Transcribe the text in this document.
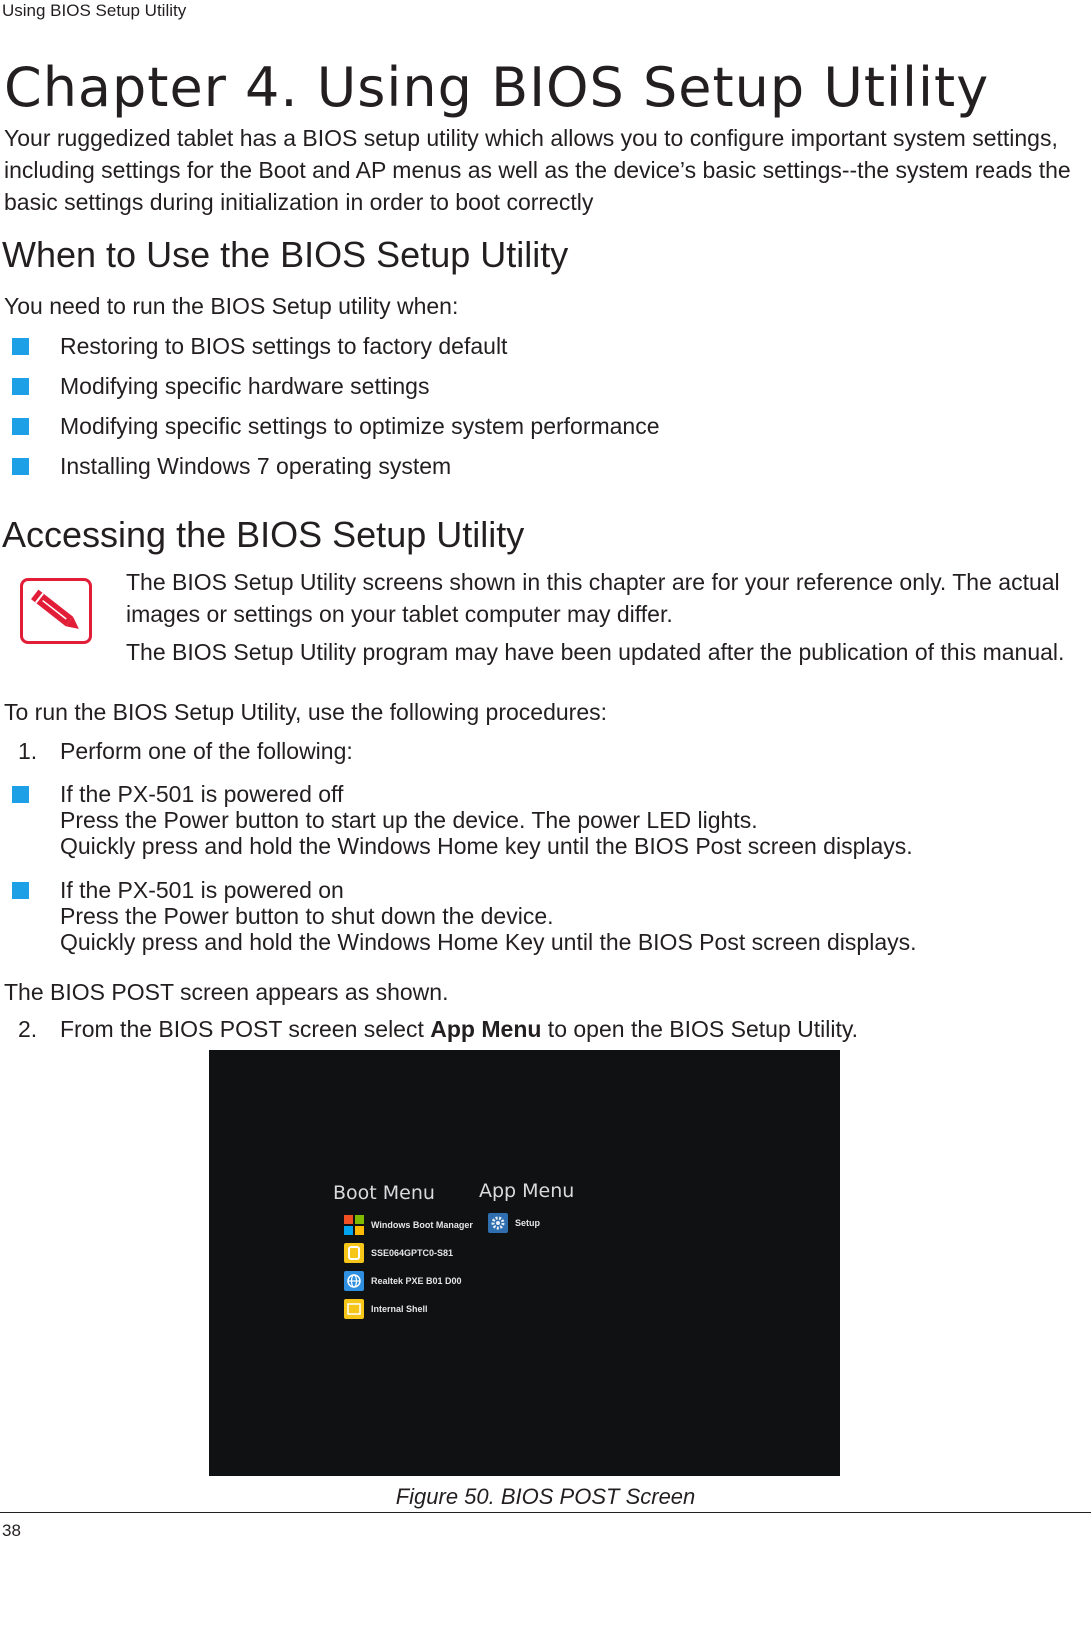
Using BIOS Setup Utility
Chapter 4. Using BIOS Setup Utility
Your ruggedized tablet has a BIOS setup utility which allows you to configure important system settings, including settings for the Boot and AP menus as well as the device’s basic settings--the system reads the basic settings during initialization in order to boot correctly
When to Use the BIOS Setup Utility
You need to run the BIOS Setup utility when:
Restoring to BIOS settings to factory default
Modifying specific hardware settings
Modifying specific settings to optimize system performance
Installing Windows 7 operating system
Accessing the BIOS Setup Utility

The BIOS Setup Utility screens shown in this chapter are for your reference only. The actual images or settings on your tablet computer may differ.

The BIOS Setup Utility program may have been updated after the publication of this manual.

To run the BIOS Setup Utility, use the following procedures:
1. Perform one of the following:
If the PX-501 is powered off
Press the Power button to start up the device. The power LED lights.
Quickly press and hold the Windows Home key until the BIOS Post screen displays.
If the PX-501 is powered on
Press the Power button to shut down the device.
Quickly press and hold the Windows Home Key until the BIOS Post screen displays.
The BIOS POST screen appears as shown.
2. From the BIOS POST screen select App Menu to open the BIOS Setup Utility.
Boot Menu App Menu
Windows Boot Manager
SSE064GPTC0-S81
Realtek PXE B01 D00
Internal Shell
Setup
Figure 50. BIOS POST Screen
38
